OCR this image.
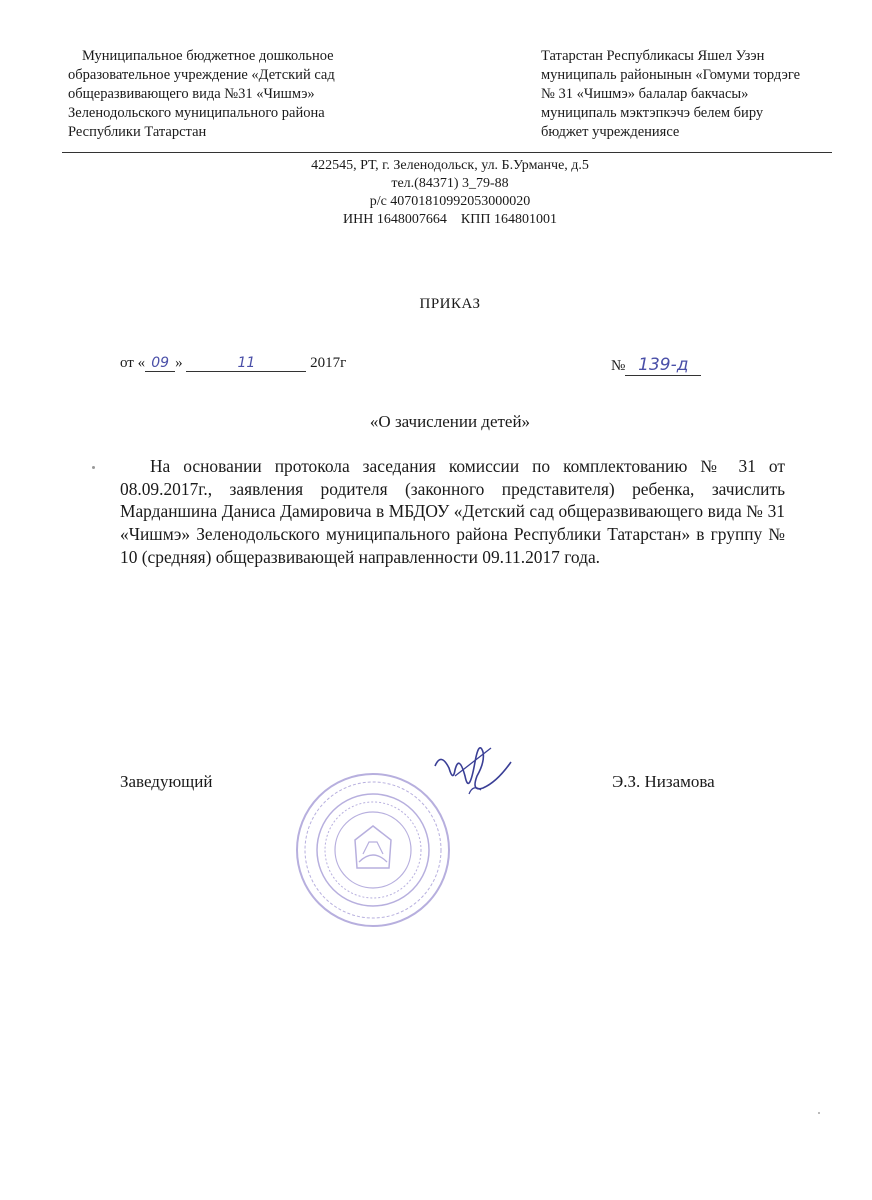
Муниципальное бюджетное дошкольное
образовательное учреждение «Детский сад
общеразвивающего вида №31 «Чишмэ»
Зеленодольского муниципального района
Республики Татарстан
Татарстан Республикасы Яшел Узэн
муниципаль районынын «Гомуми тордэге
№ 31 «Чишмэ» балалар бакчасы»
муниципаль мэктэпкэчэ белем биру
бюджет учреждениясе
422545, РТ, г. Зеленодольск, ул. Б.Урманче, д.5
тел.(84371) 3_79-88
р/с 40701810992053000020
ИНН 1648007664 КПП 164801001
ПРИКАЗ
от « 09 »	11	2017г	№ 139-д
«О зачислении детей»
На основании протокола заседания комиссии по комплектованию № 31 от 08.09.2017г., заявления родителя (законного представителя) ребенка, зачислить Марданшина Даниса Дамировича в МБДОУ «Детский сад общеразвивающего вида № 31 «Чишмэ» Зеленодольского муниципального района Республики Татарстан» в группу № 10 (средняя) общеразвивающей направленности 09.11.2017 года.
Заведующий	Э.З. Низамова
